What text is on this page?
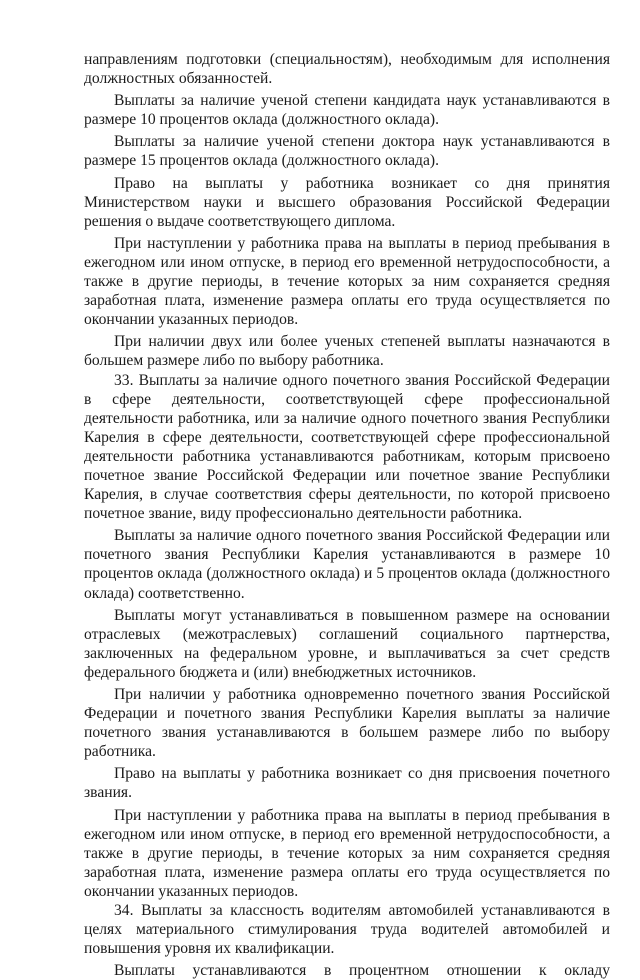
направлениям подготовки (специальностям), необходимым для исполнения должностных обязанностей.

Выплаты за наличие ученой степени кандидата наук устанавливаются в размере 10 процентов оклада (должностного оклада).

Выплаты за наличие ученой степени доктора наук устанавливаются в размере 15 процентов оклада (должностного оклада).

Право на выплаты у работника возникает со дня принятия Министерством науки и высшего образования Российской Федерации решения о выдаче соответствующего диплома.

При наступлении у работника права на выплаты в период пребывания в ежегодном или ином отпуске, в период его временной нетрудоспособности, а также в другие периоды, в течение которых за ним сохраняется средняя заработная плата, изменение размера оплаты его труда осуществляется по окончании указанных периодов.

При наличии двух или более ученых степеней выплаты назначаются в большем размере либо по выбору работника.

33. Выплаты за наличие одного почетного звания Российской Федерации в сфере деятельности, соответствующей сфере профессиональной деятельности работника, или за наличие одного почетного звания Республики Карелия в сфере деятельности, соответствующей сфере профессиональной деятельности работника устанавливаются работникам, которым присвоено почетное звание Российской Федерации или почетное звание Республики Карелия, в случае соответствия сферы деятельности, по которой присвоено почетное звание, виду профессионально деятельности работника.

Выплаты за наличие одного почетного звания Российской Федерации или почетного звания Республики Карелия устанавливаются в размере 10 процентов оклада (должностного оклада) и 5 процентов оклада (должностного оклада) соответственно.

Выплаты могут устанавливаться в повышенном размере на основании отраслевых (межотраслевых) соглашений социального партнерства, заключенных на федеральном уровне, и выплачиваться за счет средств федерального бюджета и (или) внебюджетных источников.

При наличии у работника одновременно почетного звания Российской Федерации и почетного звания Республики Карелия выплаты за наличие почетного звания устанавливаются в большем размере либо по выбору работника.

Право на выплаты у работника возникает со дня присвоения почетного звания.

При наступлении у работника права на выплаты в период пребывания в ежегодном или ином отпуске, в период его временной нетрудоспособности, а также в другие периоды, в течение которых за ним сохраняется средняя заработная плата, изменение размера оплаты его труда осуществляется по окончании указанных периодов.

34. Выплаты за классность водителям автомобилей устанавливаются в целях материального стимулирования труда водителей автомобилей и повышения уровня их квалификации.

Выплаты устанавливаются в процентном отношении к окладу
